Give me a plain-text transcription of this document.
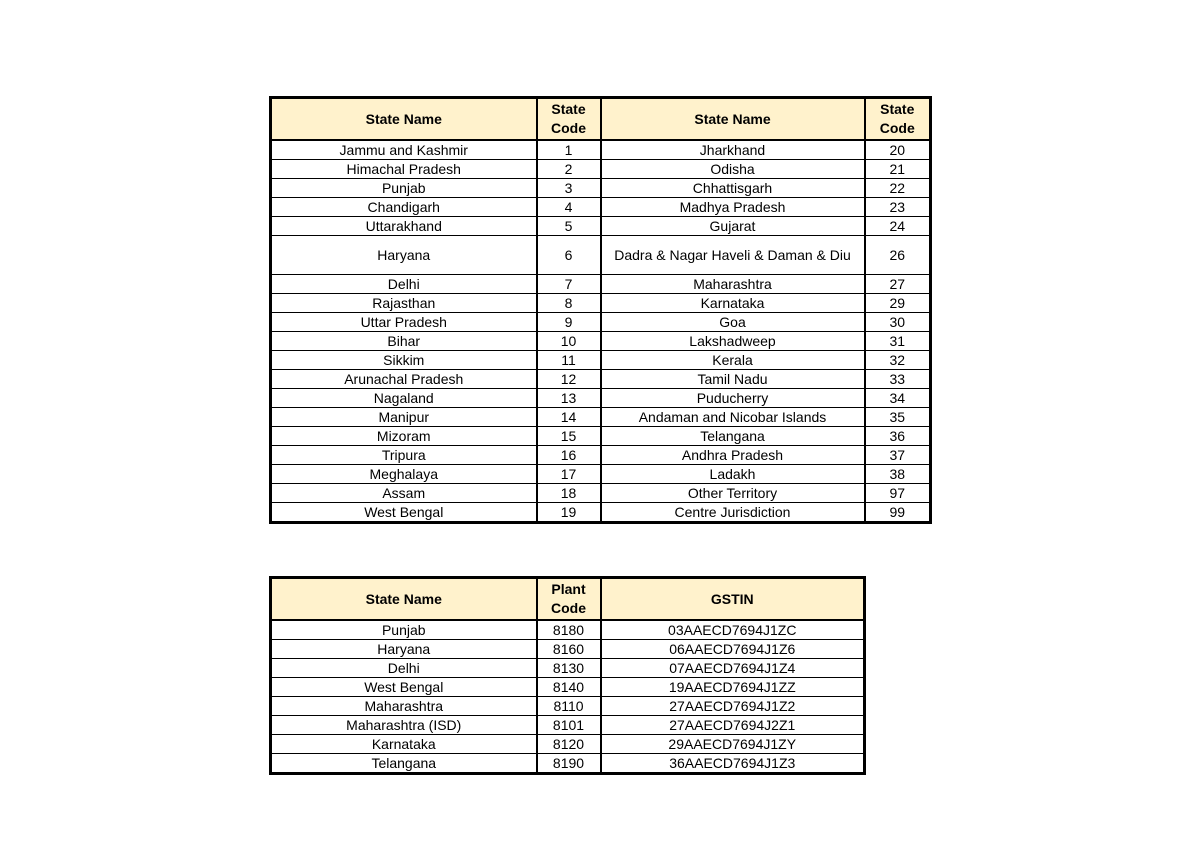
State Name	State Code	State Name	State Code
Jammu and Kashmir	1	Jharkhand	20
Himachal Pradesh	2	Odisha	21
Punjab	3	Chhattisgarh	22
Chandigarh	4	Madhya Pradesh	23
Uttarakhand	5	Gujarat	24
Haryana	6	Dadra & Nagar Haveli & Daman & Diu	26
Delhi	7	Maharashtra	27
Rajasthan	8	Karnataka	29
Uttar Pradesh	9	Goa	30
Bihar	10	Lakshadweep	31
Sikkim	11	Kerala	32
Arunachal Pradesh	12	Tamil Nadu	33
Nagaland	13	Puducherry	34
Manipur	14	Andaman and Nicobar Islands	35
Mizoram	15	Telangana	36
Tripura	16	Andhra Pradesh	37
Meghalaya	17	Ladakh	38
Assam	18	Other Territory	97
West Bengal	19	Centre Jurisdiction	99
State Name	Plant Code	GSTIN
Punjab	8180	03AAECD7694J1ZC
Haryana	8160	06AAECD7694J1Z6
Delhi	8130	07AAECD7694J1Z4
West Bengal	8140	19AAECD7694J1ZZ
Maharashtra	8110	27AAECD7694J1Z2
Maharashtra (ISD)	8101	27AAECD7694J2Z1
Karnataka	8120	29AAECD7694J1ZY
Telangana	8190	36AAECD7694J1Z3
